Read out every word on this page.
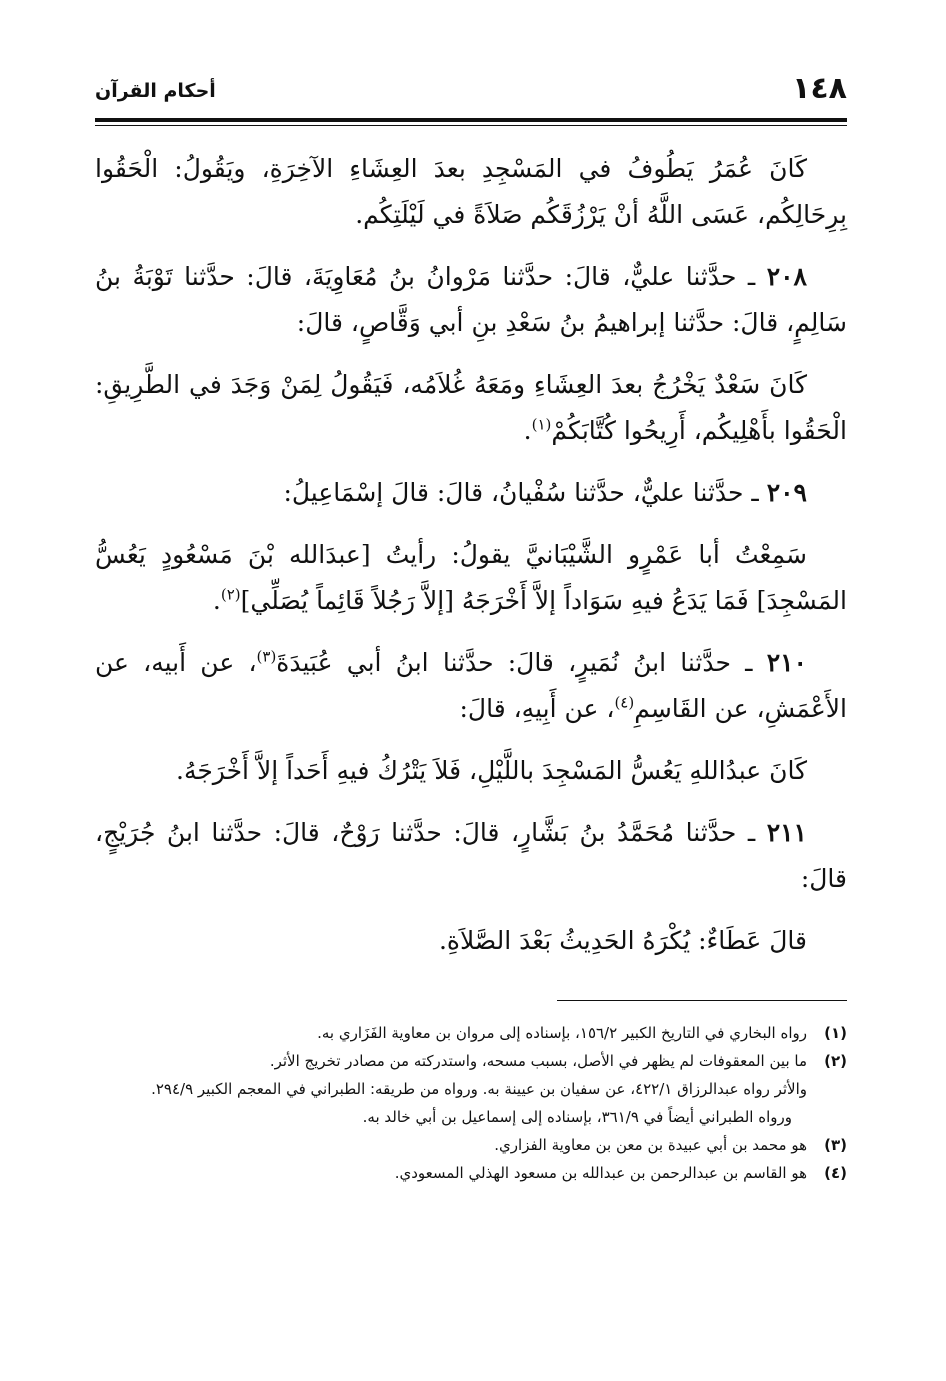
١٤٨
أحكام القرآن

كَانَ عُمَرُ يَطُوفُ في المَسْجِدِ بعدَ العِشَاءِ الآخِرَةِ، ويَقُولُ: الْحَقُوا بِرِحَالِكُم، عَسَى اللَّهُ أنْ يَرْزُقَكُم صَلاَةً في لَيْلَتِكُم.

٢٠٨ ـ حدَّثنا عليٌّ، قالَ: حدَّثنا مَرْوانُ بنُ مُعَاوِيَةَ، قالَ: حدَّثنا تَوْبَةُ بنُ سَالِمٍ، قالَ: حدَّثنا إبراهيمُ بنُ سَعْدِ بنِ أبي وَقَّاصٍ، قالَ:

كَانَ سَعْدٌ يَخْرُجُ بعدَ العِشَاءِ ومَعَهُ غُلاَمُه، فَيَقُولُ لِمَنْ وَجَدَ في الطَّرِيقِ: الْحَقُوا بأَهْلِيكُم، أَرِيحُوا كُتَّابَكُمْ$^{(١)}$.

٢٠٩ ـ حدَّثنا عليٌّ، حدَّثنا سُفْيانُ، قالَ: قالَ إسْمَاعِيلُ:

سَمِعْتُ أبا عَمْرٍو الشَّيْبَانيَّ يقولُ: رأيتُ [عبدَالله بْنَ مَسْعُودٍ يَعُسُّ المَسْجِدَ] فَمَا يَدَعُ فيهِ سَوَاداً إلاَّ أَخْرَجَهُ [إلاَّ رَجُلاً قَائِماً يُصَلِّي]$^{(٢)}$.

٢١٠ ـ حدَّثنا ابنُ نُمَيرٍ، قالَ: حدَّثنا ابنُ أبي عُبَيدَةَ$^{(٣)}$، عن أَبيه، عن الأَعْمَشِ، عن القَاسِمِ$^{(٤)}$، عن أَبِيهِ، قالَ:

كَانَ عبدُاللهِ يَعُسُّ المَسْجِدَ باللَّيْلِ، فَلاَ يَتْرُكُ فيهِ أَحَداً إلاَّ أَخْرَجَهُ.

٢١١ ـ حدَّثنا مُحَمَّدُ بنُ بَشَّارٍ، قالَ: حدَّثنا رَوْحٌ، قالَ: حدَّثنا ابنُ جُرَيْجٍ، قالَ:

قالَ عَطَاءٌ: يُكْرَهُ الحَدِيثُ بَعْدَ الصَّلاَةِ.

(١)
رواه البخاري في التاريخ الكبير ١٥٦/٢، بإسناده إلى مروان بن معاوية الفَزَاري به.
(٢)
ما بين المعقوفات لم يظهر في الأصل، بسبب مسحه، واستدركته من مصادر تخريج الأثر.
والأثر رواه عبدالرزاق ٤٢٢/١، عن سفيان بن عيينة به. ورواه من طريقه: الطبراني في المعجم الكبير ٢٩٤/٩.
ورواه الطبراني أيضاً في ٣٦١/٩، بإسناده إلى إسماعيل بن أبي خالد به.
(٣)
هو محمد بن أبي عبيدة بن معن بن معاوية الفزاري.
(٤)
هو القاسم بن عبدالرحمن بن عبدالله بن مسعود الهذلي المسعودي.
